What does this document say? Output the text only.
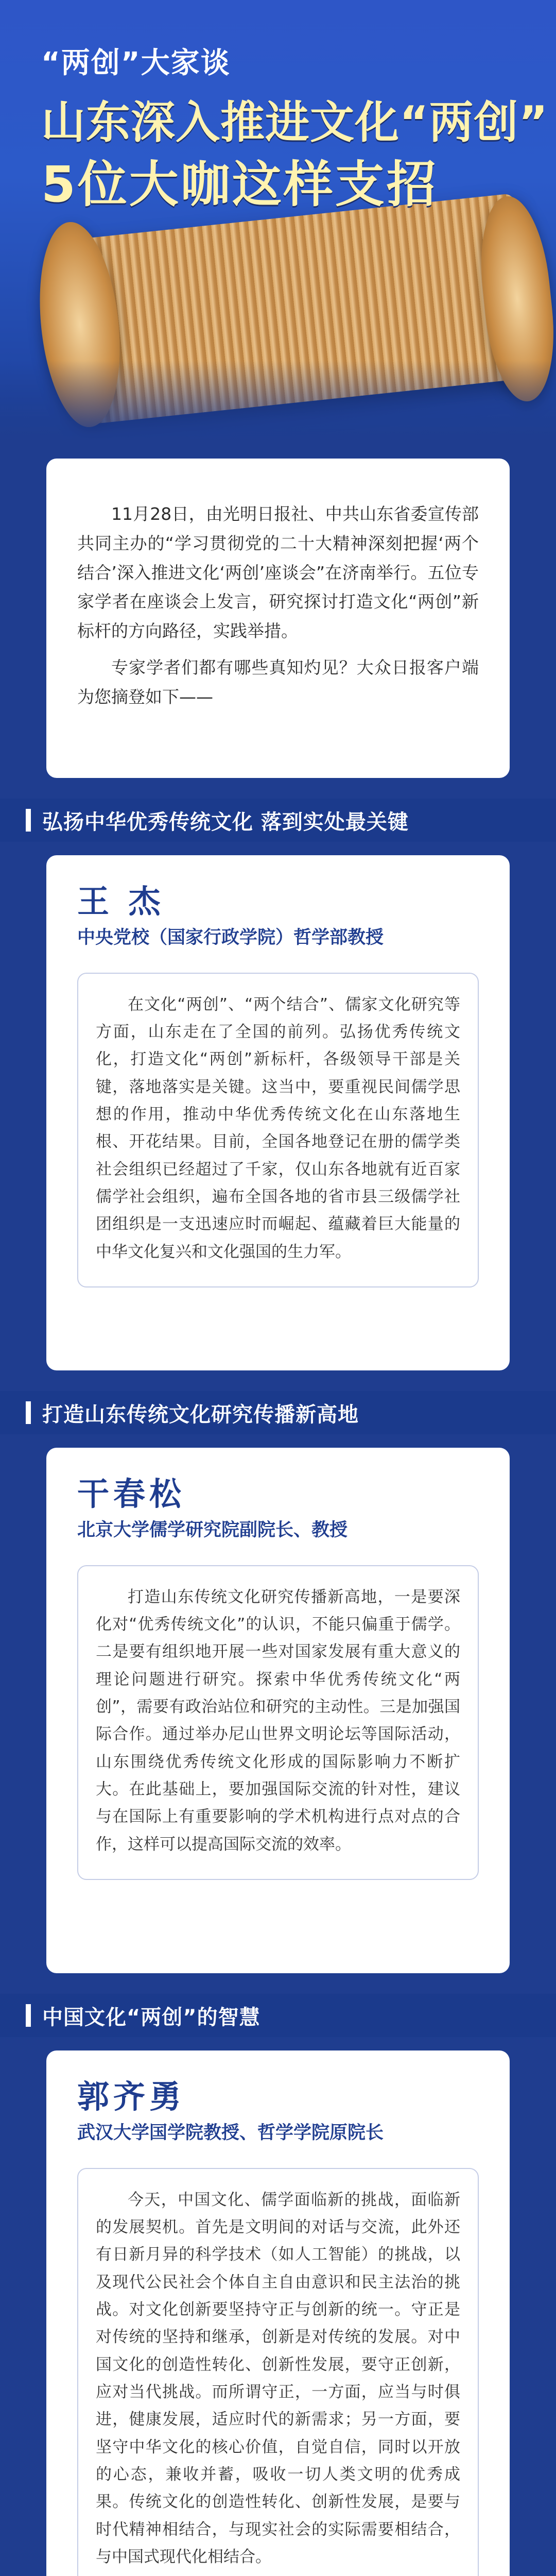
“两创”大家谈
山东深入推进文化“两创”
5位大咖这样支招

11月28日，由光明日报社、中共山东省委宣传部共同主办的“学习贯彻党的二十大精神深刻把握‘两个结合’深入推进文化‘两创’座谈会”在济南举行。五位专家学者在座谈会上发言，研究探讨打造文化“两创”新标杆的方向路径，实践举措。

专家学者们都有哪些真知灼见？大众日报客户端为您摘登如下——

弘扬中华优秀传统文化 落到实处最关键
王 杰
中央党校（国家行政学院）哲学部教授

在文化“两创”、“两个结合”、儒家文化研究等方面，山东走在了全国的前列。弘扬优秀传统文化，打造文化“两创”新标杆，各级领导干部是关键，落地落实是关键。这当中，要重视民间儒学思想的作用，推动中华优秀传统文化在山东落地生根、开花结果。目前，全国各地登记在册的儒学类社会组织已经超过了千家，仅山东各地就有近百家儒学社会组织，遍布全国各地的省市县三级儒学社团组织是一支迅速应时而崛起、蕴藏着巨大能量的中华文化复兴和文化强国的生力军。

打造山东传统文化研究传播新高地
干春松
北京大学儒学研究院副院长、教授

打造山东传统文化研究传播新高地，一是要深化对“优秀传统文化”的认识，不能只偏重于儒学。二是要有组织地开展一些对国家发展有重大意义的理论问题进行研究。探索中华优秀传统文化“两创”，需要有政治站位和研究的主动性。三是加强国际合作。通过举办尼山世界文明论坛等国际活动，山东围绕优秀传统文化形成的国际影响力不断扩大。在此基础上，要加强国际交流的针对性，建议与在国际上有重要影响的学术机构进行点对点的合作，这样可以提高国际交流的效率。

中国文化“两创”的智慧
郭齐勇
武汉大学国学院教授、哲学学院原院长

今天，中国文化、儒学面临新的挑战，面临新的发展契机。首先是文明间的对话与交流，此外还有日新月异的科学技术（如人工智能）的挑战，以及现代公民社会个体自主自由意识和民主法治的挑战。对文化创新要坚持守正与创新的统一。守正是对传统的坚持和继承，创新是对传统的发展。对中国文化的创造性转化、创新性发展，要守正创新，应对当代挑战。而所谓守正，一方面，应当与时俱进，健康发展，适应时代的新需求；另一方面，要坚守中华文化的核心价值，自觉自信，同时以开放的心态，兼收并蓄，吸收一切人类文明的优秀成果。传统文化的创造性转化、创新性发展，是要与时代精神相结合，与现实社会的实际需要相结合，与中国式现代化相结合。
